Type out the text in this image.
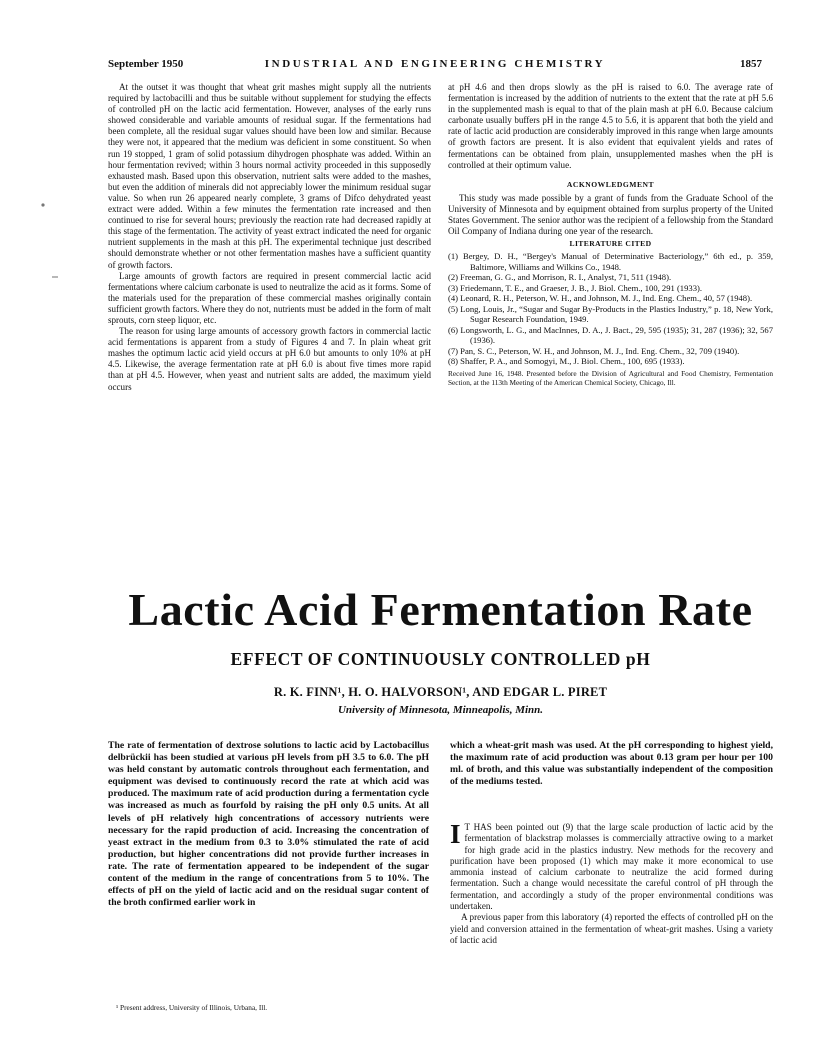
September 1950	INDUSTRIAL AND ENGINEERING CHEMISTRY	1857

At the outset it was thought that wheat grit mashes might supply all the nutrients required by lactobacilli and thus be suitable without supplement for studying the effects of controlled pH on the lactic acid fermentation. However, analyses of the early runs showed considerable and variable amounts of residual sugar. If the fermentations had been complete, all the residual sugar values should have been low and similar. Because they were not, it appeared that the medium was deficient in some constituent. So when run 19 stopped, 1 gram of solid potassium dihydrogen phosphate was added. Within an hour fermentation revived; within 3 hours normal activity proceeded in this supposedly exhausted mash. Based upon this observation, nutrient salts were added to the mashes, but even the addition of minerals did not appreciably lower the minimum residual sugar value. So when run 26 appeared nearly complete, 3 grams of Difco dehydrated yeast extract were added. Within a few minutes the fermentation rate increased and then continued to rise for several hours; previously the reaction rate had decreased rapidly at this stage of the fermentation. The activity of yeast extract indicated the need for organic nutrient supplements in the mash at this pH. The experimental technique just described should demonstrate whether or not other fermentation mashes have a sufficient quantity of growth factors.

Large amounts of growth factors are required in present commercial lactic acid fermentations where calcium carbonate is used to neutralize the acid as it forms. Some of the materials used for the preparation of these commercial mashes originally contain sufficient growth factors. Where they do not, nutrients must be added in the form of malt sprouts, corn steep liquor, etc.

The reason for using large amounts of accessory growth factors in commercial lactic acid fermentations is apparent from a study of Figures 4 and 7. In plain wheat grit mashes the optimum lactic acid yield occurs at pH 6.0 but amounts to only 10% at pH 4.5. Likewise, the average fermentation rate at pH 6.0 is about five times more rapid than at pH 4.5. However, when yeast and nutrient salts are added, the maximum yield occurs

at pH 4.6 and then drops slowly as the pH is raised to 6.0. The average rate of fermentation is increased by the addition of nutrients to the extent that the rate at pH 5.6 in the supplemented mash is equal to that of the plain mash at pH 6.0. Because calcium carbonate usually buffers pH in the range 4.5 to 5.6, it is apparent that both the yield and rate of lactic acid production are considerably improved in this range when large amounts of growth factors are present. It is also evident that equivalent yields and rates of fermentations can be obtained from plain, unsupplemented mashes when the pH is controlled at their optimum value.

ACKNOWLEDGMENT

This study was made possible by a grant of funds from the Graduate School of the University of Minnesota and by equipment obtained from surplus property of the United States Government. The senior author was the recipient of a fellowship from the Standard Oil Company of Indiana during one year of the research.

LITERATURE CITED
(1) Bergey, D. H., “Bergey's Manual of Determinative Bacteriology,” 6th ed., p. 359, Baltimore, Williams and Wilkins Co., 1948.
(2) Freeman, G. G., and Morrison, R. I., Analyst, 71, 511 (1948).
(3) Friedemann, T. E., and Graeser, J. B., J. Biol. Chem., 100, 291 (1933).
(4) Leonard, R. H., Peterson, W. H., and Johnson, M. J., Ind. Eng. Chem., 40, 57 (1948).
(5) Long, Louis, Jr., “Sugar and Sugar By-Products in the Plastics Industry,” p. 18, New York, Sugar Research Foundation, 1949.
(6) Longsworth, L. G., and MacInnes, D. A., J. Bact., 29, 595 (1935); 31, 287 (1936); 32, 567 (1936).
(7) Pan, S. C., Peterson, W. H., and Johnson, M. J., Ind. Eng. Chem., 32, 709 (1940).
(8) Shaffer, P. A., and Somogyi, M., J. Biol. Chem., 100, 695 (1933).
Received June 16, 1948. Presented before the Division of Agricultural and Food Chemistry, Fermentation Section, at the 113th Meeting of the American Chemical Society, Chicago, Ill.
Lactic Acid Fermentation Rate
EFFECT OF CONTINUOUSLY CONTROLLED pH
R. K. FINN¹, H. O. HALVORSON¹, AND EDGAR L. PIRET
University of Minnesota, Minneapolis, Minn.
The rate of fermentation of dextrose solutions to lactic acid by Lactobacillus delbrückii has been studied at various pH levels from pH 3.5 to 6.0. The pH was held constant by automatic controls throughout each fermentation, and equipment was devised to continuously record the rate at which acid was produced. The maximum rate of acid production during a fermentation cycle was increased as much as fourfold by raising the pH only 0.5 units. At all levels of pH relatively high concentrations of accessory nutrients were necessary for the rapid production of acid. Increasing the concentration of yeast extract in the medium from 0.3 to 3.0% stimulated the rate of acid production, but higher concentrations did not provide further increases in rate. The rate of fermentation appeared to be independent of the sugar content of the medium in the range of concentrations from 5 to 10%. The effects of pH on the yield of lactic acid and on the residual sugar content of the broth confirmed earlier work in
which a wheat-grit mash was used. At the pH corresponding to highest yield, the maximum rate of acid production was about 0.13 gram per hour per 100 ml. of broth, and this value was substantially independent of the composition of the mediums tested.
¹ Present address, University of Illinois, Urbana, Ill.

I T HAS been pointed out (9) that the large scale production of lactic acid by the fermentation of blackstrap molasses is commercially attractive owing to a market for high grade acid in the plastics industry. New methods for the recovery and purification have been proposed (1) which may make it more economical to use ammonia instead of calcium carbonate to neutralize the acid formed during fermentation. Such a change would necessitate the careful control of pH through the fermentation, and accordingly a study of the proper environmental conditions was undertaken.

A previous paper from this laboratory (4) reported the effects of controlled pH on the yield and conversion attained in the fermentation of wheat-grit mashes. Using a variety of lactic acid
